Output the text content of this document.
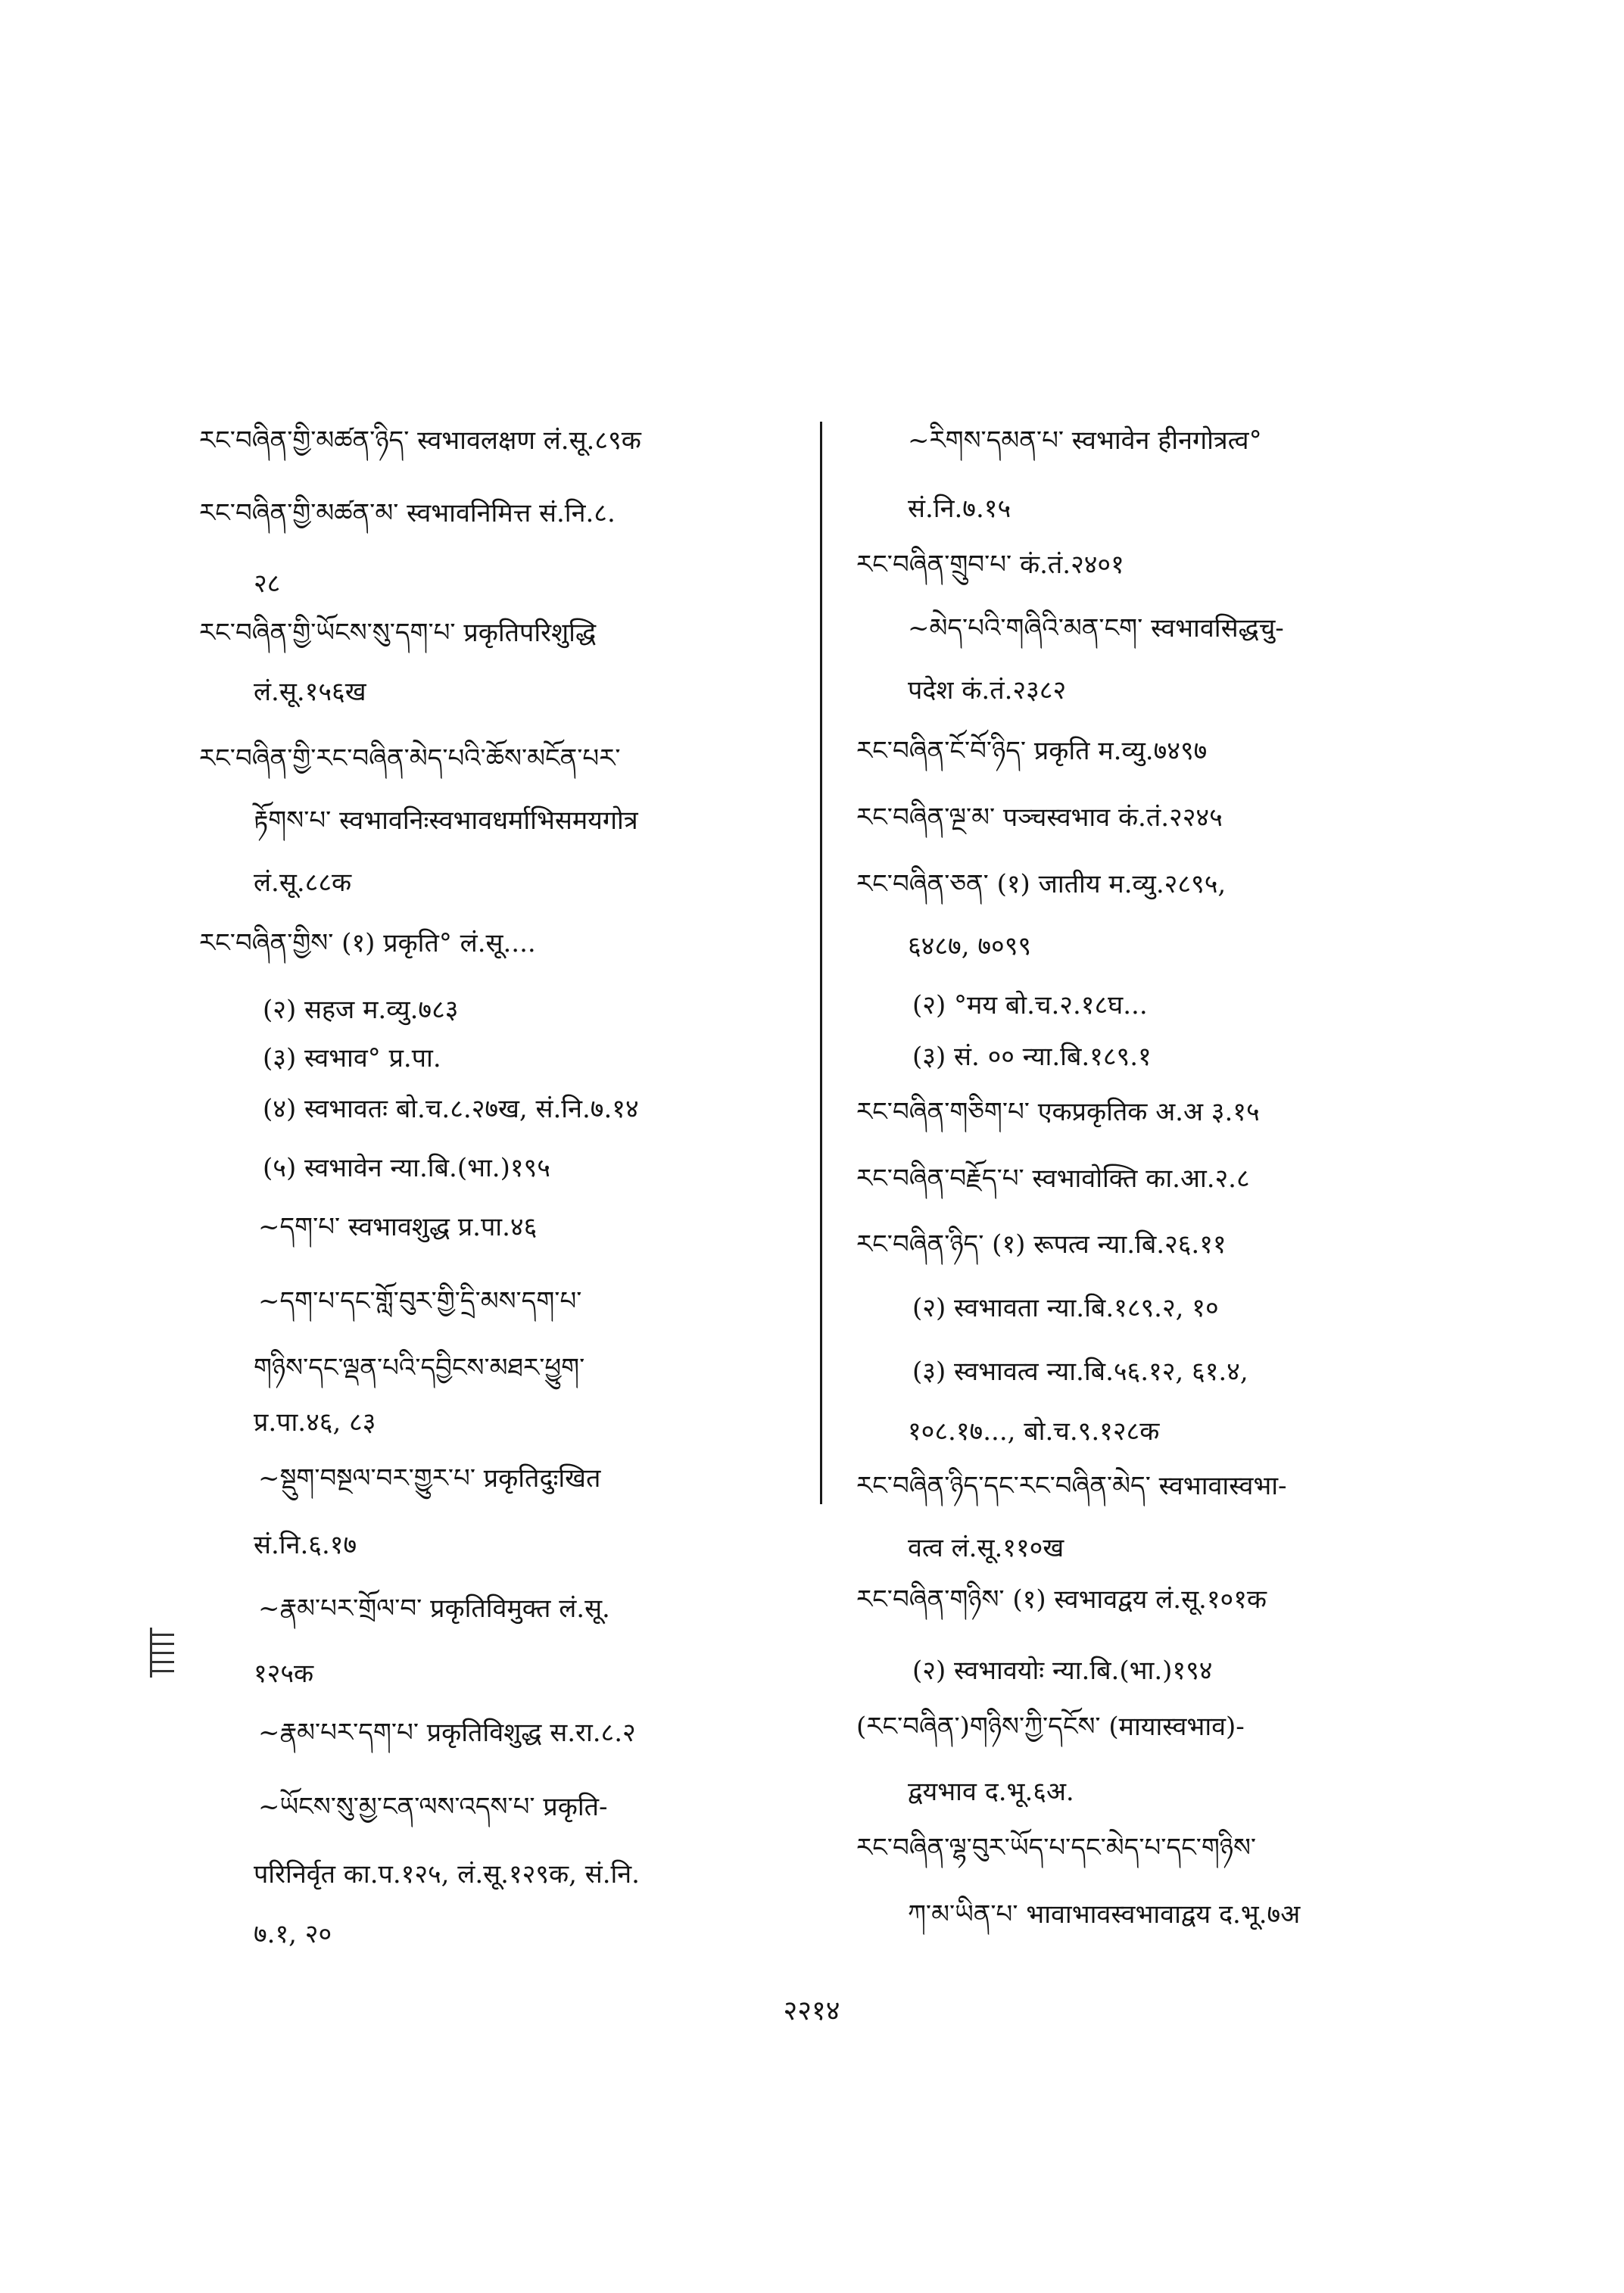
རང་བཞིན་གྱི་མཚན་ཉིད་ स्वभावलक्षण लं.सू.८९क
རང་བཞིན་གྱི་མཚན་མ་ स्वभावनिमित्त सं.नि.८.
२८
རང་བཞིན་གྱི་ཡོངས་སུ་དག་པ་ प्रकृतिपरिशुद्धि
लं.सू.१५६ख
རང་བཞིན་གྱི་རང་བཞིན་མེད་པའི་ཆོས་མངོན་པར་
རྟོགས་པ་ स्वभावनिःस्वभावधर्माभिसमयगोत्र
लं.सू.८८क
རང་བཞིན་གྱིས་ (१) प्रकृति° लं.सू....
(२) सहज म.व्यु.७८३
(३) स्वभाव° प्र.पा.
(४) स्वभावतः बो.च.८.२७ख, सं.नि.७.१४
(५) स्वभावेन न्या.बि.(भा.)१९५
~དག་པ་ स्वभावशुद्ध प्र.पा.४६
~དག་པ་དང་གློ་བུར་གྱི་དྲི་མས་དག་པ་
གཉིས་དང་ལྡན་པའི་དབྱིངས་མཐར་ཕྱུག་
प्र.पा.४६, ८३
~སྡུག་བསྔལ་བར་གྱུར་པ་ प्रकृतिदुःखित
सं.नि.६.१७
~རྣམ་པར་གྲོལ་བ་ प्रकृतिविमुक्त लं.सू.
१२५क
~རྣམ་པར་དག་པ་ प्रकृतिविशुद्ध स.रा.८.२
~ཡོངས་སུ་མྱ་ངན་ལས་འདས་པ་ प्रकृति-
परिनिर्वृत का.प.१२५, लं.सू.१२९क, सं.नि.
७.१, २०
~རིགས་དམན་པ་ स्वभावेन हीनगोत्रत्व°
सं.नि.७.१५
རང་བཞིན་གྲུབ་པ་ कं.तं.२४०१
~མེད་པའི་གཞིའི་མན་ངག་ स्वभावसिद्धचु-
पदेश कं.तं.२३८२
རང་བཞིན་ངོ་བོ་ཉིད་ प्रकृति म.व्यु.७४९७
རང་བཞིན་ལྔ་མ་ पञ्चस्वभाव कं.तं.२२४५
རང་བཞིན་ཅན་ (१) जातीय म.व्यु.२८९५,
६४८७, ७०९९
(२) °मय बो.च.२.१८घ...
(३) सं. ०० न्या.बि.१८९.१
རང་བཞིན་གཅིག་པ་ एकप्रकृतिक अ.अ ३.१५
རང་བཞིན་བརྗོད་པ་ स्वभावोक्ति का.आ.२.८
རང་བཞིན་ཉིད་ (१) रूपत्व न्या.बि.२६.११
(२) स्वभावता न्या.बि.१८९.२, १०
(३) स्वभावत्व न्या.बि.५६.१२, ६१.४,
१०८.१७..., बो.च.९.१२८क
རང་བཞིན་ཉིད་དང་རང་བཞིན་མེད་ स्वभावास्वभा-
वत्व लं.सू.११०ख
རང་བཞིན་གཉིས་ (१) स्वभावद्वय लं.सू.१०१क
(२) स्वभावयोः न्या.बि.(भा.)१९४
(རང་བཞིན་)གཉིས་ཀྱི་དངོས་ (मायास्वभाव)-
द्वयभाव द.भू.६अ.
རང་བཞིན་ལྷ་བུར་ཡོད་པ་དང་མེད་པ་དང་གཉིས་
ཀ་མ་ཡིན་པ་ भावाभावस्वभावाद्वय द.भू.७अ
२२१४
